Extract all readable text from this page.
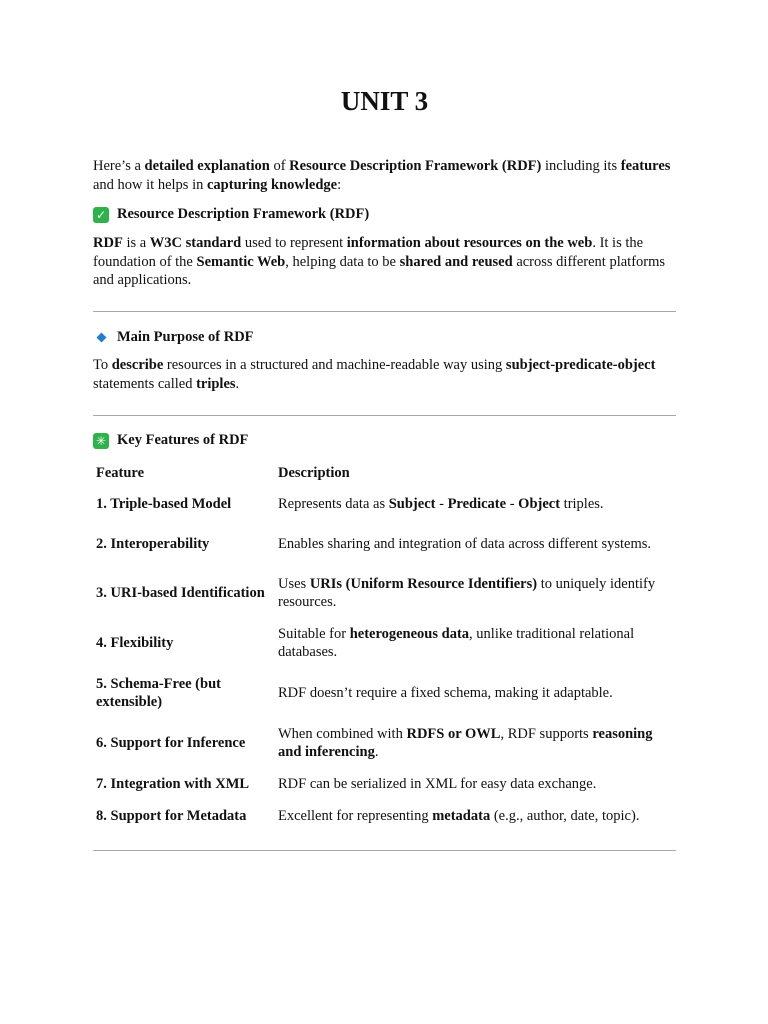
UNIT 3

Here’s a detailed explanation of Resource Description Framework (RDF) including its features and how it helps in capturing knowledge:

✓ Resource Description Framework (RDF)

RDF is a W3C standard used to represent information about resources on the web. It is the foundation of the Semantic Web, helping data to be shared and reused across different platforms and applications.

Main Purpose of RDF

To describe resources in a structured and machine-readable way using subject-predicate-object statements called triples.

✳ Key Features of RDF
Feature	Description
1. Triple-based Model	Represents data as Subject - Predicate - Object triples.
2. Interoperability	Enables sharing and integration of data across different systems.
3. URI-based Identification	Uses URIs (Uniform Resource Identifiers) to uniquely identify resources.
4. Flexibility	Suitable for heterogeneous data, unlike traditional relational databases.
5. Schema-Free (but extensible)	RDF doesn’t require a fixed schema, making it adaptable.
6. Support for Inference	When combined with RDFS or OWL, RDF supports reasoning and inferencing.
7. Integration with XML	RDF can be serialized in XML for easy data exchange.
8. Support for Metadata	Excellent for representing metadata (e.g., author, date, topic).
